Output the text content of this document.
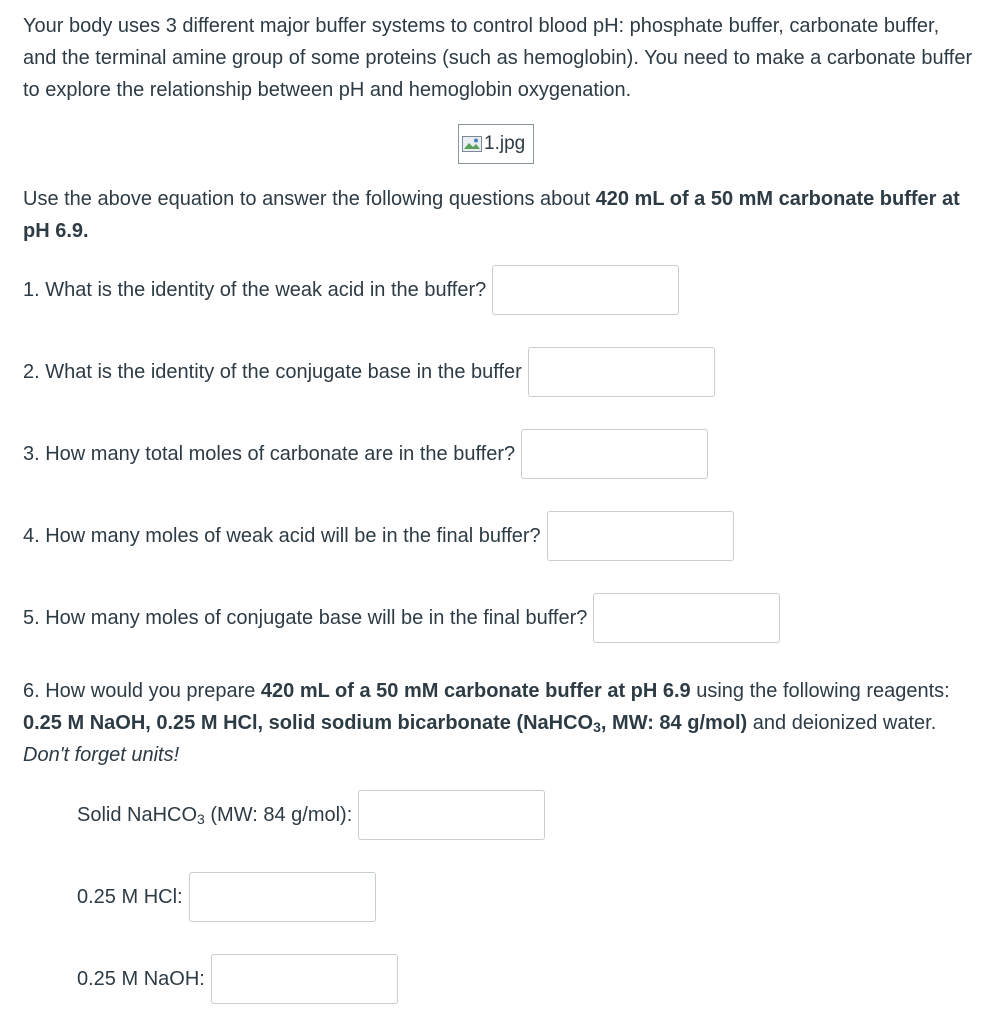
Your body uses 3 different major buffer systems to control blood pH: phosphate buffer, carbonate buffer, and the terminal amine group of some proteins (such as hemoglobin). You need to make a carbonate buffer to explore the relationship between pH and hemoglobin oxygenation.

1.jpg

Use the above equation to answer the following questions about 420 mL of a 50 mM carbonate buffer at pH 6.9.

1. What is the identity of the weak acid in the buffer?
2. What is the identity of the conjugate base in the buffer
3. How many total moles of carbonate are in the buffer?
4. How many moles of weak acid will be in the final buffer?
5. How many moles of conjugate base will be in the final buffer?

6. How would you prepare 420 mL of a 50 mM carbonate buffer at pH 6.9 using the following reagents: 0.25 M NaOH, 0.25 M HCl, solid sodium bicarbonate (NaHCO$_3$, MW: 84 g/mol) and deionized water. Don't forget units!

Solid NaHCO$_3$ (MW: 84 g/mol):
0.25 M HCl:
0.25 M NaOH:
